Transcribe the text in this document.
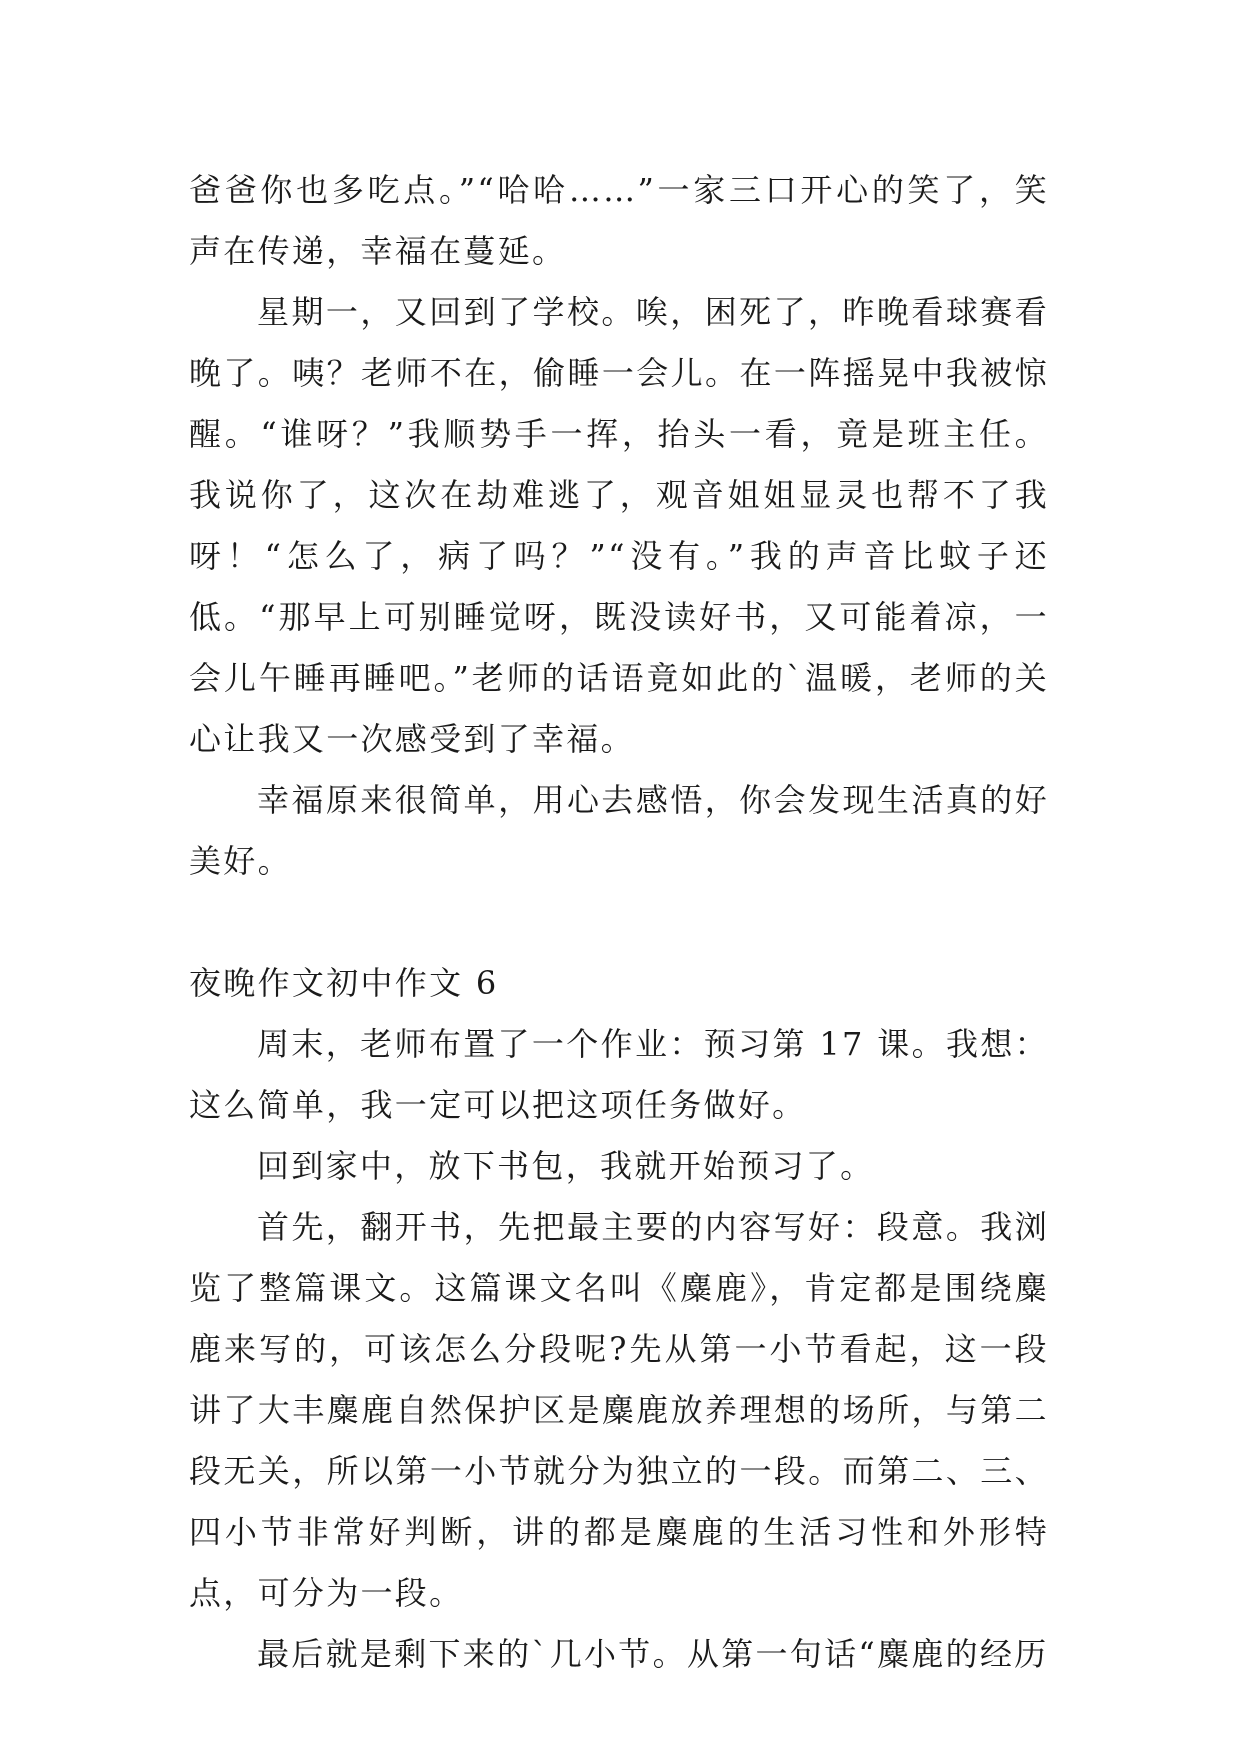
爸爸你也多吃点。”“哈哈……”一家三口开心的笑了，笑声在传递，幸福在蔓延。

星期一，又回到了学校。唉，困死了，昨晚看球赛看晚了。咦？老师不在，偷睡一会儿。在一阵摇晃中我被惊醒。“谁呀？”我顺势手一挥，抬头一看，竟是班主任。我说你了，这次在劫难逃了，观音姐姐显灵也帮不了我呀！“怎么了，病了吗？”“没有。”我的声音比蚊子还低。“那早上可别睡觉呀，既没读好书，又可能着凉，一会儿午睡再睡吧。”老师的话语竟如此的`温暖，老师的关心让我又一次感受到了幸福。

幸福原来很简单，用心去感悟，你会发现生活真的好美好。

夜晚作文初中作文 6

周末，老师布置了一个作业：预习第 17 课。我想：这么简单，我一定可以把这项任务做好。

回到家中，放下书包，我就开始预习了。

首先，翻开书，先把最主要的内容写好：段意。我浏览了整篇课文。这篇课文名叫《麋鹿》，肯定都是围绕麋鹿来写的，可该怎么分段呢?先从第一小节看起，这一段讲了大丰麋鹿自然保护区是麋鹿放养理想的场所，与第二段无关，所以第一小节就分为独立的一段。而第二、三、四小节非常好判断，讲的都是麋鹿的生活习性和外形特点，可分为一段。

最后就是剩下来的`几小节。从第一句话“麋鹿的经历
